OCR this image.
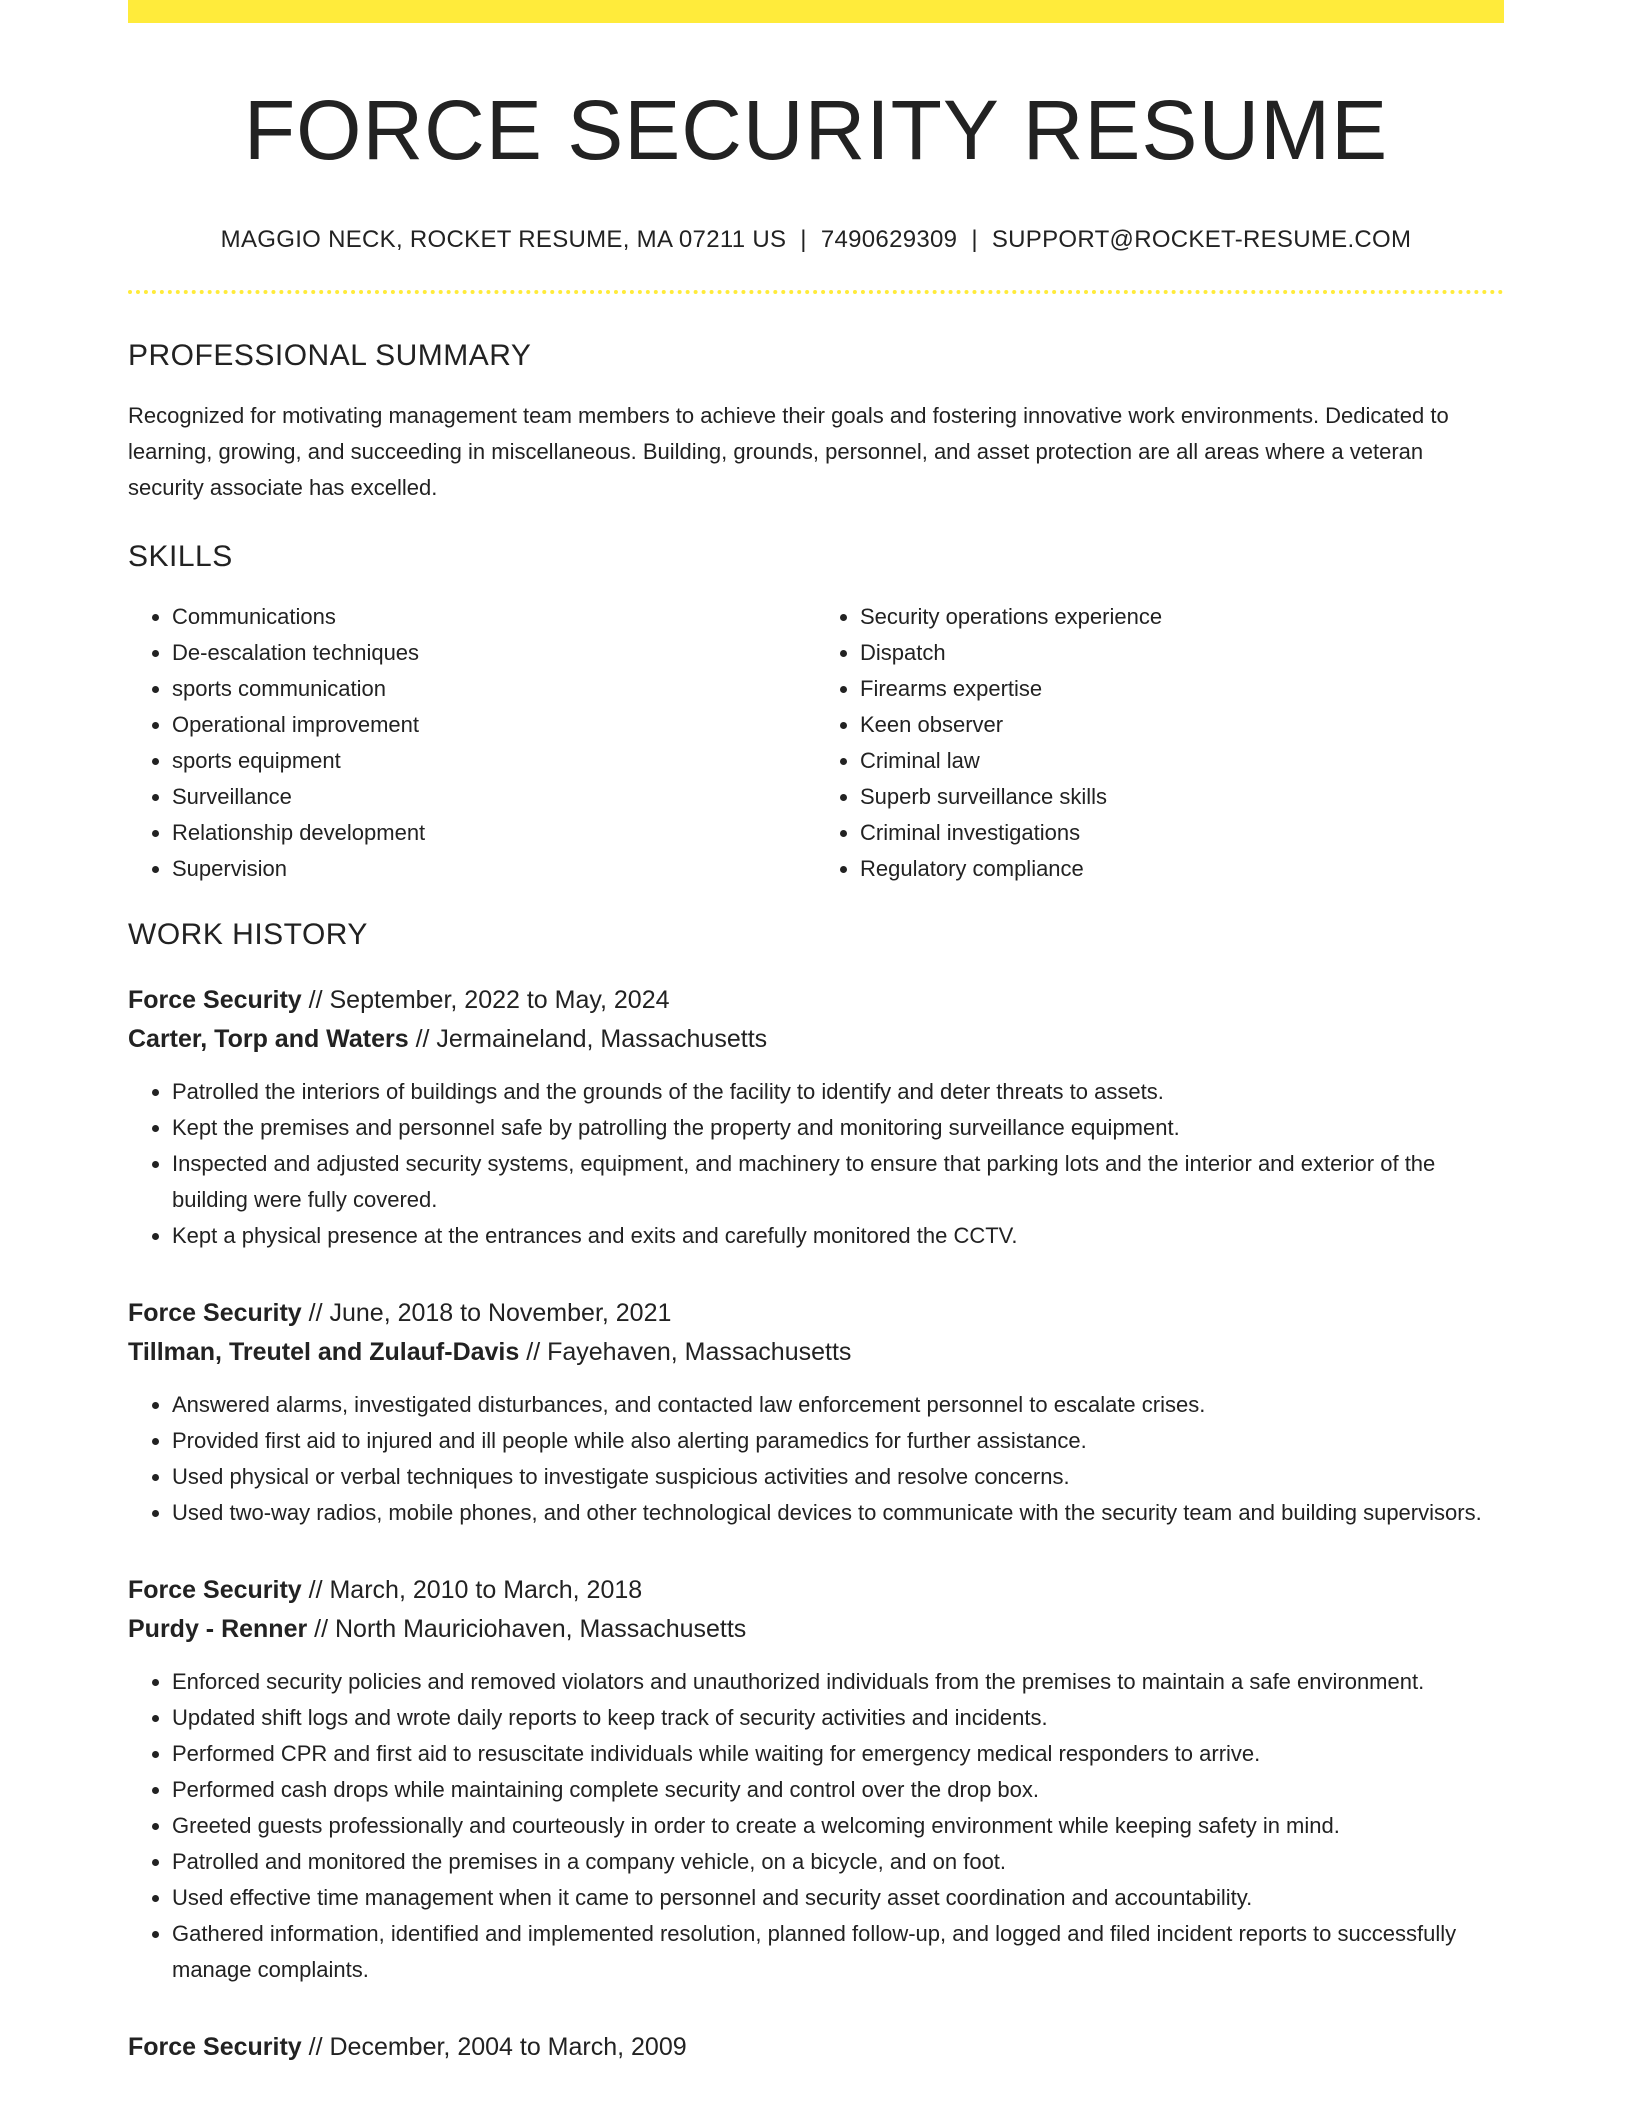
FORCE SECURITY RESUME
MAGGIO NECK, ROCKET RESUME, MA 07211 US | 7490629309 | SUPPORT@ROCKET-RESUME.COM
PROFESSIONAL SUMMARY
Recognized for motivating management team members to achieve their goals and fostering innovative work environments. Dedicated to learning, growing, and succeeding in miscellaneous. Building, grounds, personnel, and asset protection are all areas where a veteran security associate has excelled.
SKILLS
• Communications
• De-escalation techniques
• sports communication
• Operational improvement
• sports equipment
• Surveillance
• Relationship development
• Supervision
• Security operations experience
• Dispatch
• Firearms expertise
• Keen observer
• Criminal law
• Superb surveillance skills
• Criminal investigations
• Regulatory compliance
WORK HISTORY
Force Security // September, 2022 to May, 2024
Carter, Torp and Waters // Jermaineland, Massachusetts
• Patrolled the interiors of buildings and the grounds of the facility to identify and deter threats to assets.
• Kept the premises and personnel safe by patrolling the property and monitoring surveillance equipment.
• Inspected and adjusted security systems, equipment, and machinery to ensure that parking lots and the interior and exterior of the building were fully covered.
• Kept a physical presence at the entrances and exits and carefully monitored the CCTV.
Force Security // June, 2018 to November, 2021
Tillman, Treutel and Zulauf-Davis // Fayehaven, Massachusetts
• Answered alarms, investigated disturbances, and contacted law enforcement personnel to escalate crises.
• Provided first aid to injured and ill people while also alerting paramedics for further assistance.
• Used physical or verbal techniques to investigate suspicious activities and resolve concerns.
• Used two-way radios, mobile phones, and other technological devices to communicate with the security team and building supervisors.
Force Security // March, 2010 to March, 2018
Purdy - Renner // North Mauriciohaven, Massachusetts
• Enforced security policies and removed violators and unauthorized individuals from the premises to maintain a safe environment.
• Updated shift logs and wrote daily reports to keep track of security activities and incidents.
• Performed CPR and first aid to resuscitate individuals while waiting for emergency medical responders to arrive.
• Performed cash drops while maintaining complete security and control over the drop box.
• Greeted guests professionally and courteously in order to create a welcoming environment while keeping safety in mind.
• Patrolled and monitored the premises in a company vehicle, on a bicycle, and on foot.
• Used effective time management when it came to personnel and security asset coordination and accountability.
• Gathered information, identified and implemented resolution, planned follow-up, and logged and filed incident reports to successfully manage complaints.
Force Security // December, 2004 to March, 2009
